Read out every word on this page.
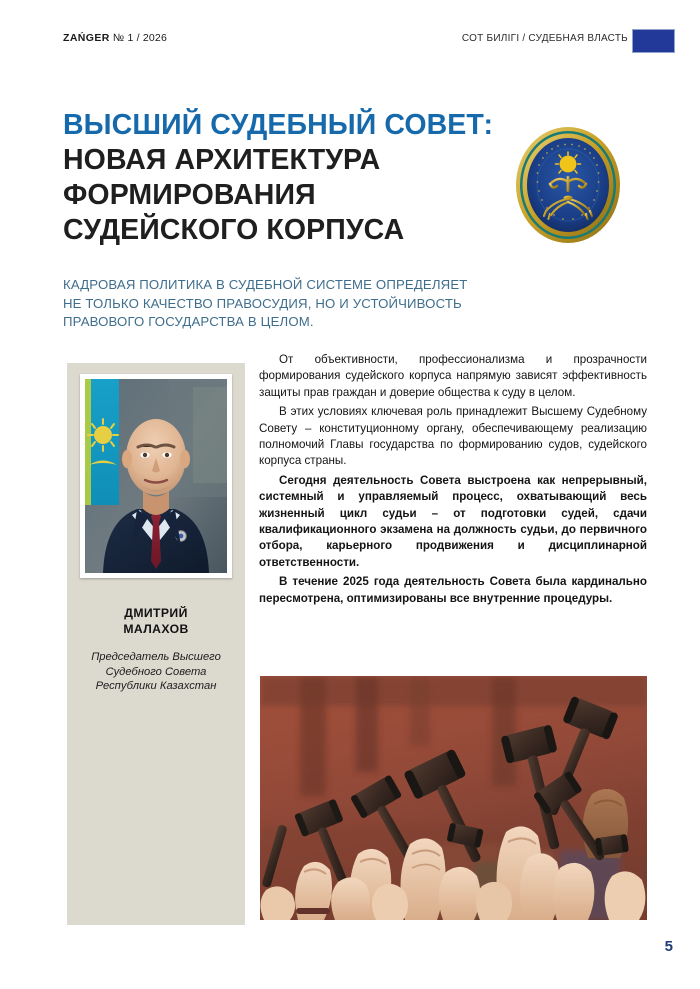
ZAŃGER № 1 / 2026	СОТ БИЛІГІ / СУДЕБНАЯ ВЛАСТЬ
ВЫСШИЙ СУДЕБНЫЙ СОВЕТ:
НОВАЯ АРХИТЕКТУРА
ФОРМИРОВАНИЯ
СУДЕЙСКОГО КОРПУСА
КАДРОВАЯ ПОЛИТИКА В СУДЕБНОЙ СИСТЕМЕ ОПРЕДЕЛЯЕТ
НЕ ТОЛЬКО КАЧЕСТВО ПРАВОСУДИЯ, НО И УСТОЙЧИВОСТЬ
ПРАВОВОГО ГОСУДАРСТВА В ЦЕЛОМ.
ДМИТРИЙ
МАЛАХОВ
Председатель Высшего
Судебного Совета
Республики Казахстан

От объективности, профессионализма и прозрачности формирования судейского корпуса напрямую зависят эффективность защиты прав граждан и доверие общества к суду в целом.

В этих условиях ключевая роль принадлежит Высшему Судебному Совету – конституционному органу, обеспечивающему реализацию полномочий Главы государства по формированию судов, судейского корпуса страны.

Сегодня деятельность Совета выстроена как непрерывный, системный и управляемый процесс, охватывающий весь жизненный цикл судьи – от подготовки судей, сдачи квалификационного экзамена на должность судьи, до первичного отбора, карьерного продвижения и дисциплинарной ответственности.

В течение 2025 года деятельность Совета была кардинально пересмотрена, оптимизированы все внутренние процедуры.

5
